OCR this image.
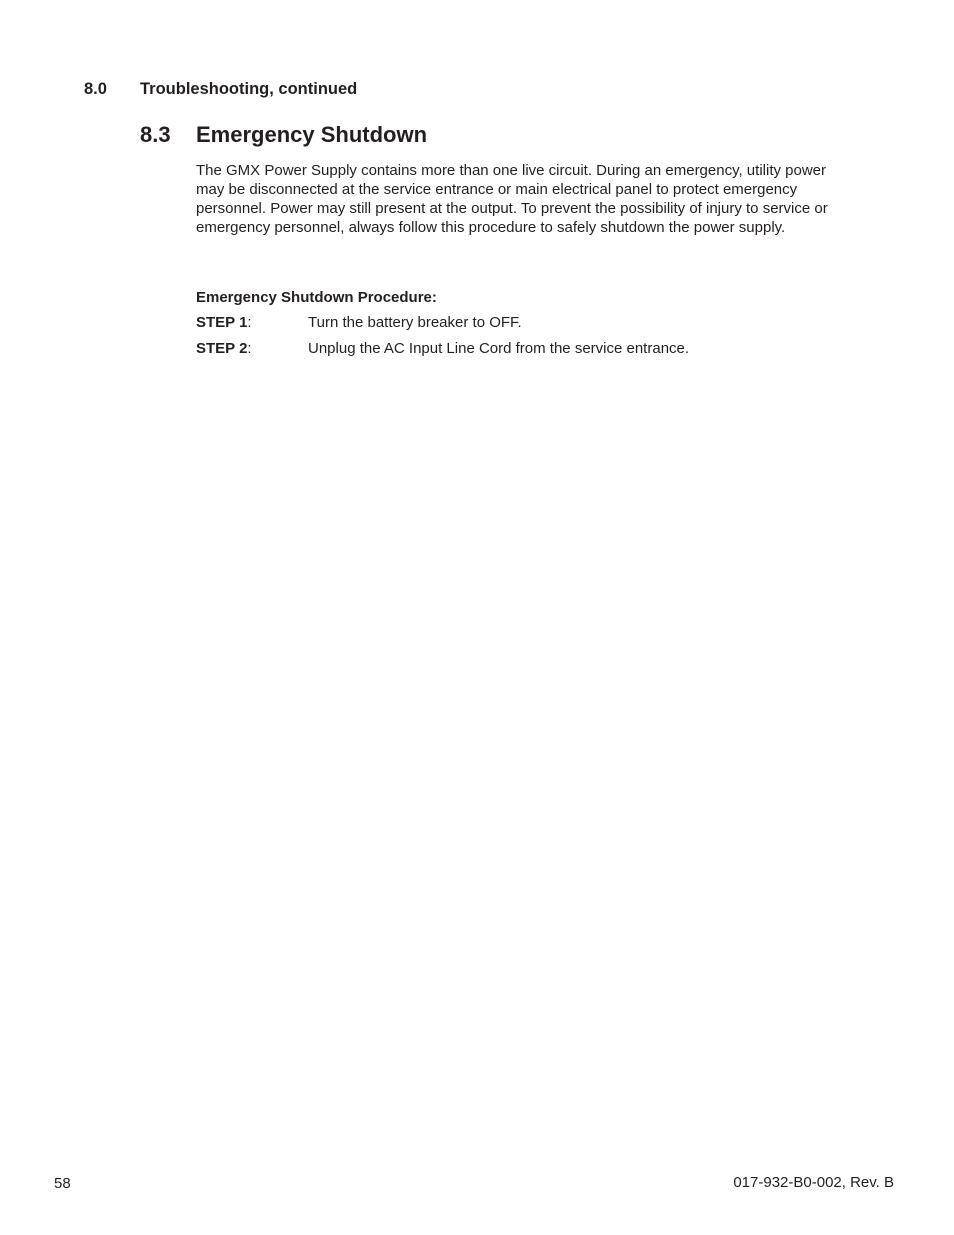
8.0	Troubleshooting, continued
8.3	Emergency Shutdown

The GMX Power Supply contains more than one live circuit. During an emergency, utility power may be disconnected at the service entrance or main electrical panel to protect emergency personnel. Power may still present at the output. To prevent the possibility of injury to service or emergency personnel, always follow this procedure to safely shutdown the power supply.

Emergency Shutdown Procedure:
STEP 1:	Turn the battery breaker to OFF.
STEP 2:	Unplug the AC Input Line Cord from the service entrance.
58	017-932-B0-002, Rev. B
